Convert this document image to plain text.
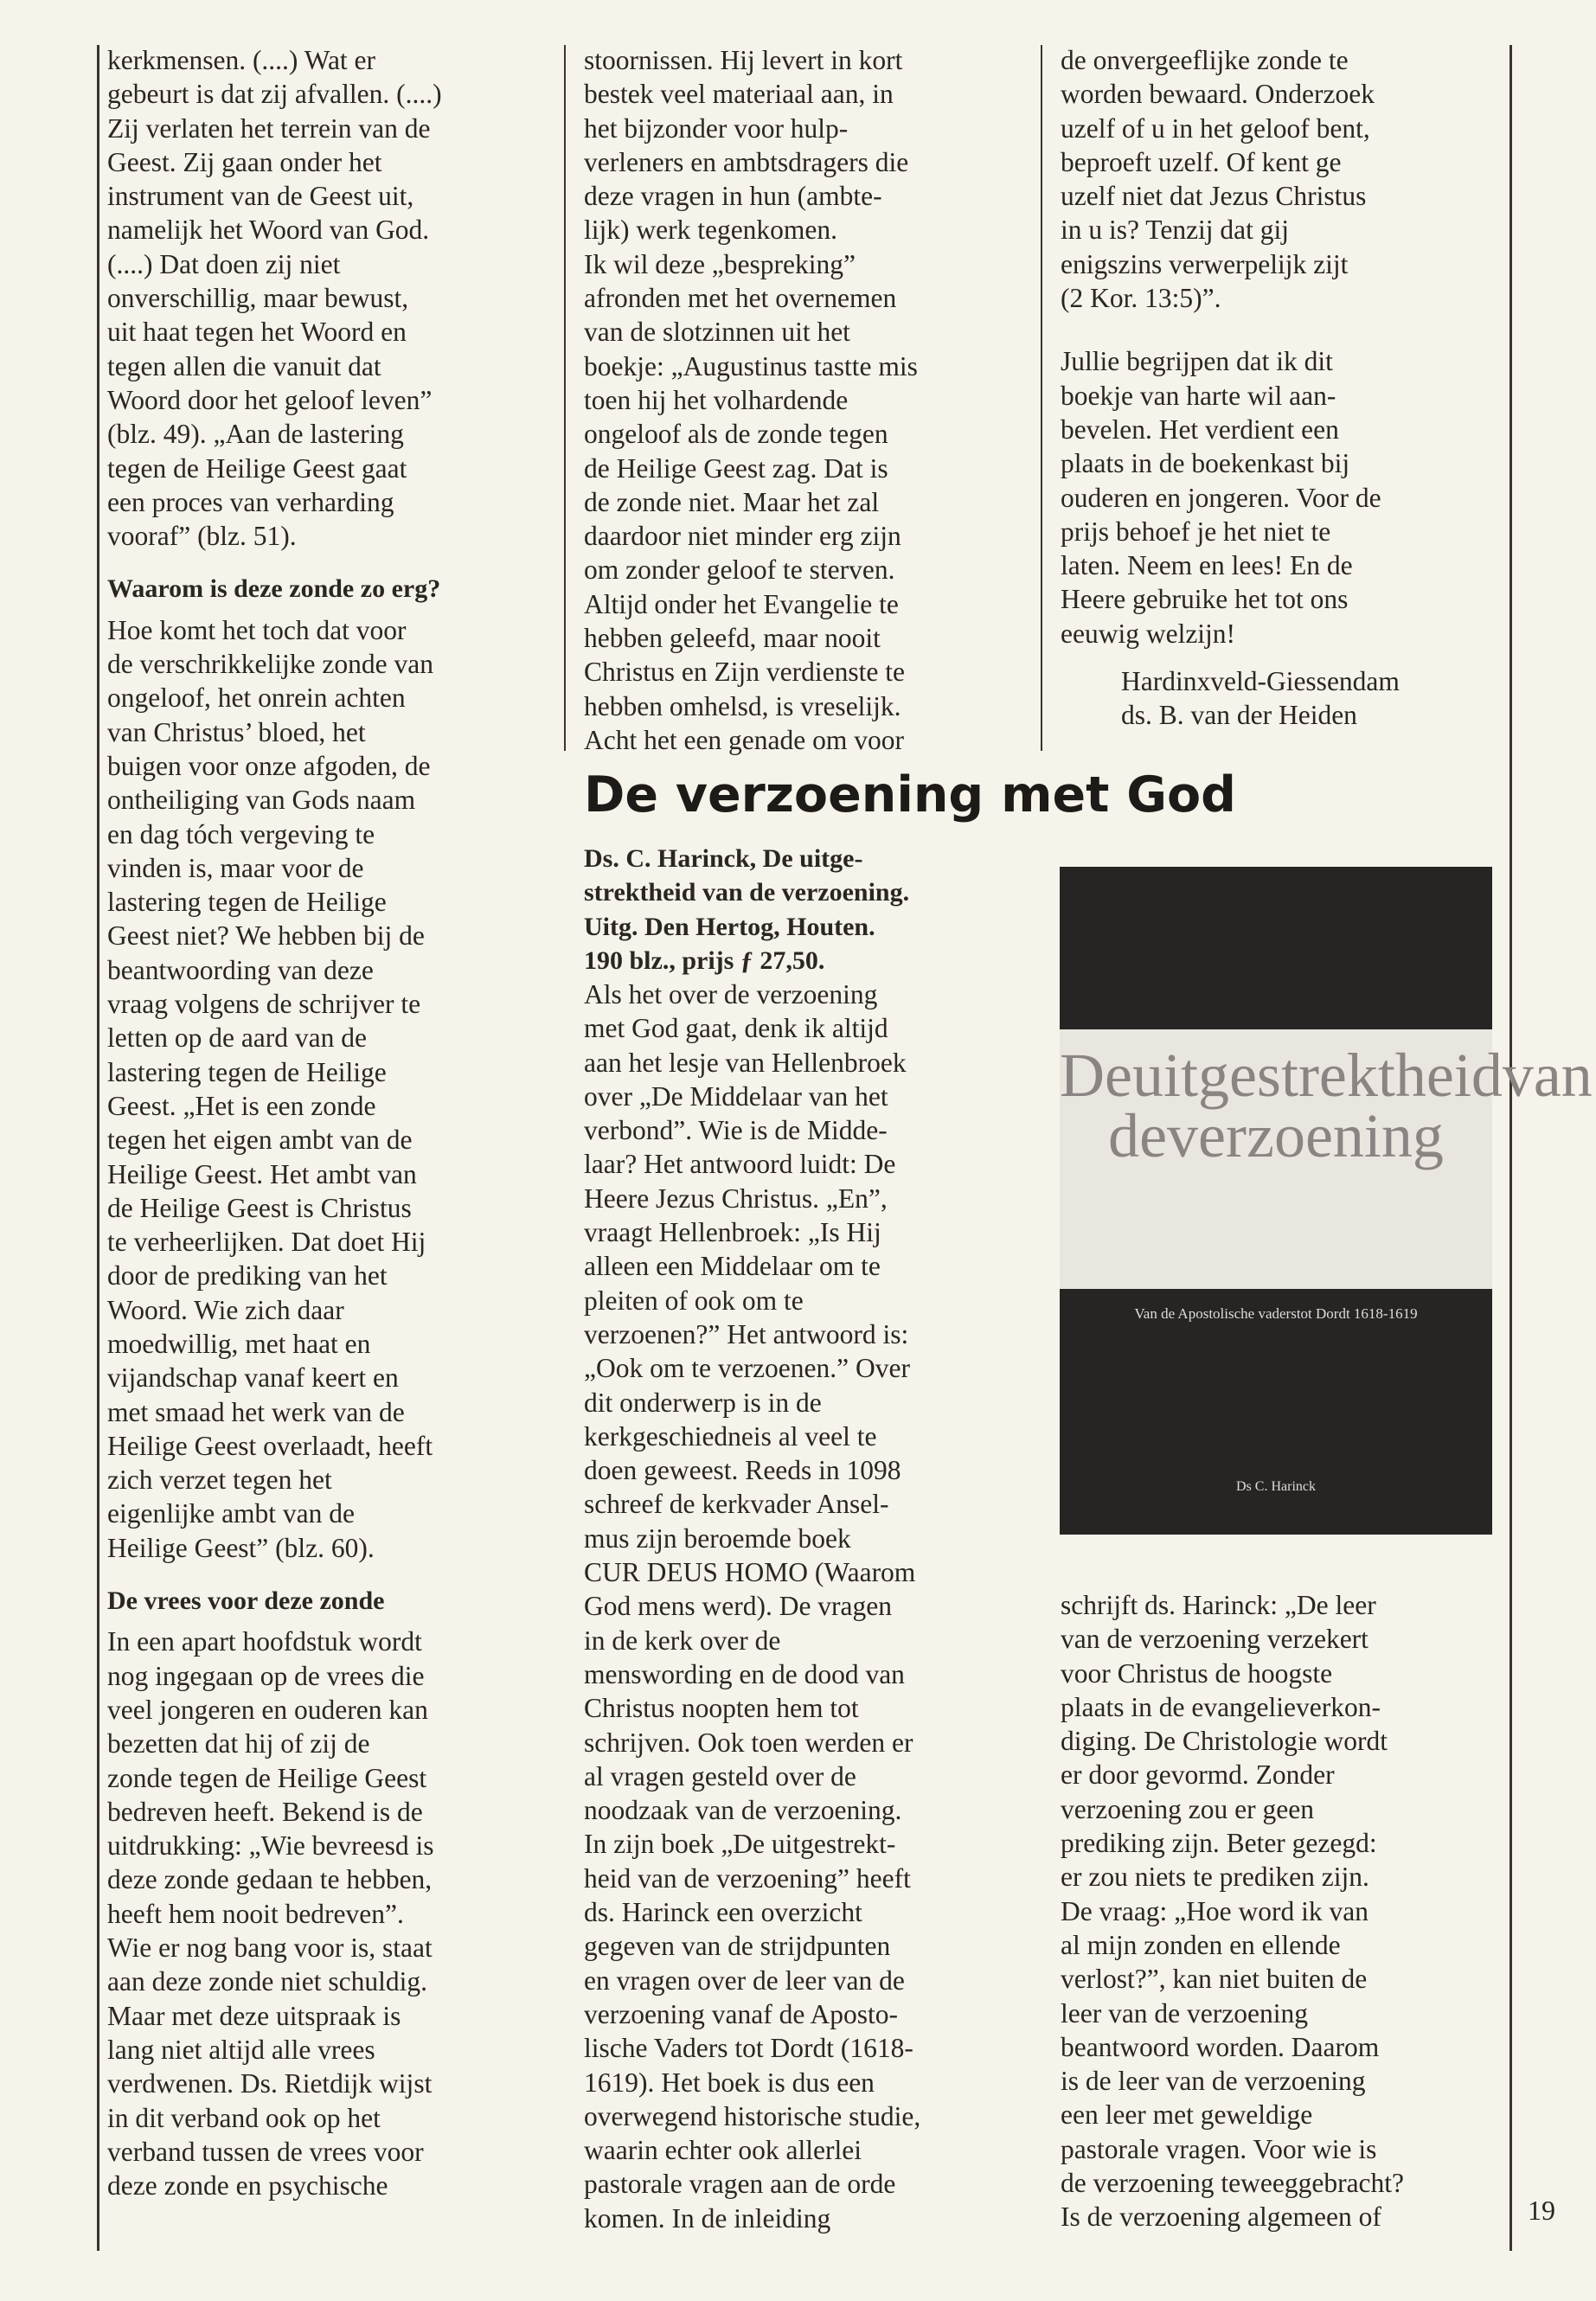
kerkmensen. (....) Wat er
gebeurt is dat zij afvallen. (....)
Zij verlaten het terrein van de
Geest. Zij gaan onder het
instrument van de Geest uit,
namelijk het Woord van God.
(....) Dat doen zij niet
onverschillig, maar bewust,
uit haat tegen het Woord en
tegen allen die vanuit dat
Woord door het geloof leven”
(blz. 49). „Aan de lastering
tegen de Heilige Geest gaat
een proces van verharding
vooraf” (blz. 51).

Waarom is deze zonde zo erg?

Hoe komt het toch dat voor
de verschrikkelijke zonde van
ongeloof, het onrein achten
van Christus’ bloed, het
buigen voor onze afgoden, de
ontheiliging van Gods naam
en dag tóch vergeving te
vinden is, maar voor de
lastering tegen de Heilige
Geest niet? We hebben bij de
beantwoording van deze
vraag volgens de schrijver te
letten op de aard van de
lastering tegen de Heilige
Geest. „Het is een zonde
tegen het eigen ambt van de
Heilige Geest. Het ambt van
de Heilige Geest is Christus
te verheerlijken. Dat doet Hij
door de prediking van het
Woord. Wie zich daar
moedwillig, met haat en
vijandschap vanaf keert en
met smaad het werk van de
Heilige Geest overlaadt, heeft
zich verzet tegen het
eigenlijke ambt van de
Heilige Geest” (blz. 60).

De vrees voor deze zonde

In een apart hoofdstuk wordt
nog ingegaan op de vrees die
veel jongeren en ouderen kan
bezetten dat hij of zij de
zonde tegen de Heilige Geest
bedreven heeft. Bekend is de
uitdrukking: „Wie bevreesd is
deze zonde gedaan te hebben,
heeft hem nooit bedreven”.
Wie er nog bang voor is, staat
aan deze zonde niet schuldig.
Maar met deze uitspraak is
lang niet altijd alle vrees
verdwenen. Ds. Rietdijk wijst
in dit verband ook op het
verband tussen de vrees voor
deze zonde en psychische

stoornissen. Hij levert in kort
bestek veel materiaal aan, in
het bijzonder voor hulp-
verleners en ambtsdragers die
deze vragen in hun (ambte-
lijk) werk tegenkomen.
Ik wil deze „bespreking”
afronden met het overnemen
van de slotzinnen uit het
boekje: „Augustinus tastte mis
toen hij het volhardende
ongeloof als de zonde tegen
de Heilige Geest zag. Dat is
de zonde niet. Maar het zal
daardoor niet minder erg zijn
om zonder geloof te sterven.
Altijd onder het Evangelie te
hebben geleefd, maar nooit
Christus en Zijn verdienste te
hebben omhelsd, is vreselijk.
Acht het een genade om voor

de onvergeeflijke zonde te
worden bewaard. Onderzoek
uzelf of u in het geloof bent,
beproeft uzelf. Of kent ge
uzelf niet dat Jezus Christus
in u is? Tenzij dat gij
enigszins verwerpelijk zijt
(2 Kor. 13:5)”.

Jullie begrijpen dat ik dit
boekje van harte wil aan-
bevelen. Het verdient een
plaats in de boekenkast bij
ouderen en jongeren. Voor de
prijs behoef je het niet te
laten. Neem en lees! En de
Heere gebruike het tot ons
eeuwig welzijn!

Hardinxveld-Giessendam
ds. B. van der Heiden

De verzoening met God

Ds. C. Harinck, De uitge-
strektheid van de verzoening.
Uitg. Den Hertog, Houten.
190 blz., prijs ƒ 27,50.

Als het over de verzoening
met God gaat, denk ik altijd
aan het lesje van Hellenbroek
over „De Middelaar van het
verbond”. Wie is de Midde-
laar? Het antwoord luidt: De
Heere Jezus Christus. „En”,
vraagt Hellenbroek: „Is Hij
alleen een Middelaar om te
pleiten of ook om te
verzoenen?” Het antwoord is:
„Ook om te verzoenen.” Over
dit onderwerp is in de
kerkgeschiedneis al veel te
doen geweest. Reeds in 1098
schreef de kerkvader Ansel-
mus zijn beroemde boek
CUR DEUS HOMO (Waarom
God mens werd). De vragen
in de kerk over de
menswording en de dood van
Christus noopten hem tot
schrijven. Ook toen werden er
al vragen gesteld over de
noodzaak van de verzoening.
In zijn boek „De uitgestrekt-
heid van de verzoening” heeft
ds. Harinck een overzicht
gegeven van de strijdpunten
en vragen over de leer van de
verzoening vanaf de Aposto-
lische Vaders tot Dordt (1618-
1619). Het boek is dus een
overwegend historische studie,
waarin echter ook allerlei
pastorale vragen aan de orde
komen. In de inleiding

Deuitgestrektheidvan deverzoening
Van de Apostolische vaderstot Dordt 1618-1619
Ds C. Harinck

schrijft ds. Harinck: „De leer
van de verzoening verzekert
voor Christus de hoogste
plaats in de evangelieverkon-
diging. De Christologie wordt
er door gevormd. Zonder
verzoening zou er geen
prediking zijn. Beter gezegd:
er zou niets te prediken zijn.
De vraag: „Hoe word ik van
al mijn zonden en ellende
verlost?”, kan niet buiten de
leer van de verzoening
beantwoord worden. Daarom
is de leer van de verzoening
een leer met geweldige
pastorale vragen. Voor wie is
de verzoening teweeggebracht?
Is de verzoening algemeen of	19
